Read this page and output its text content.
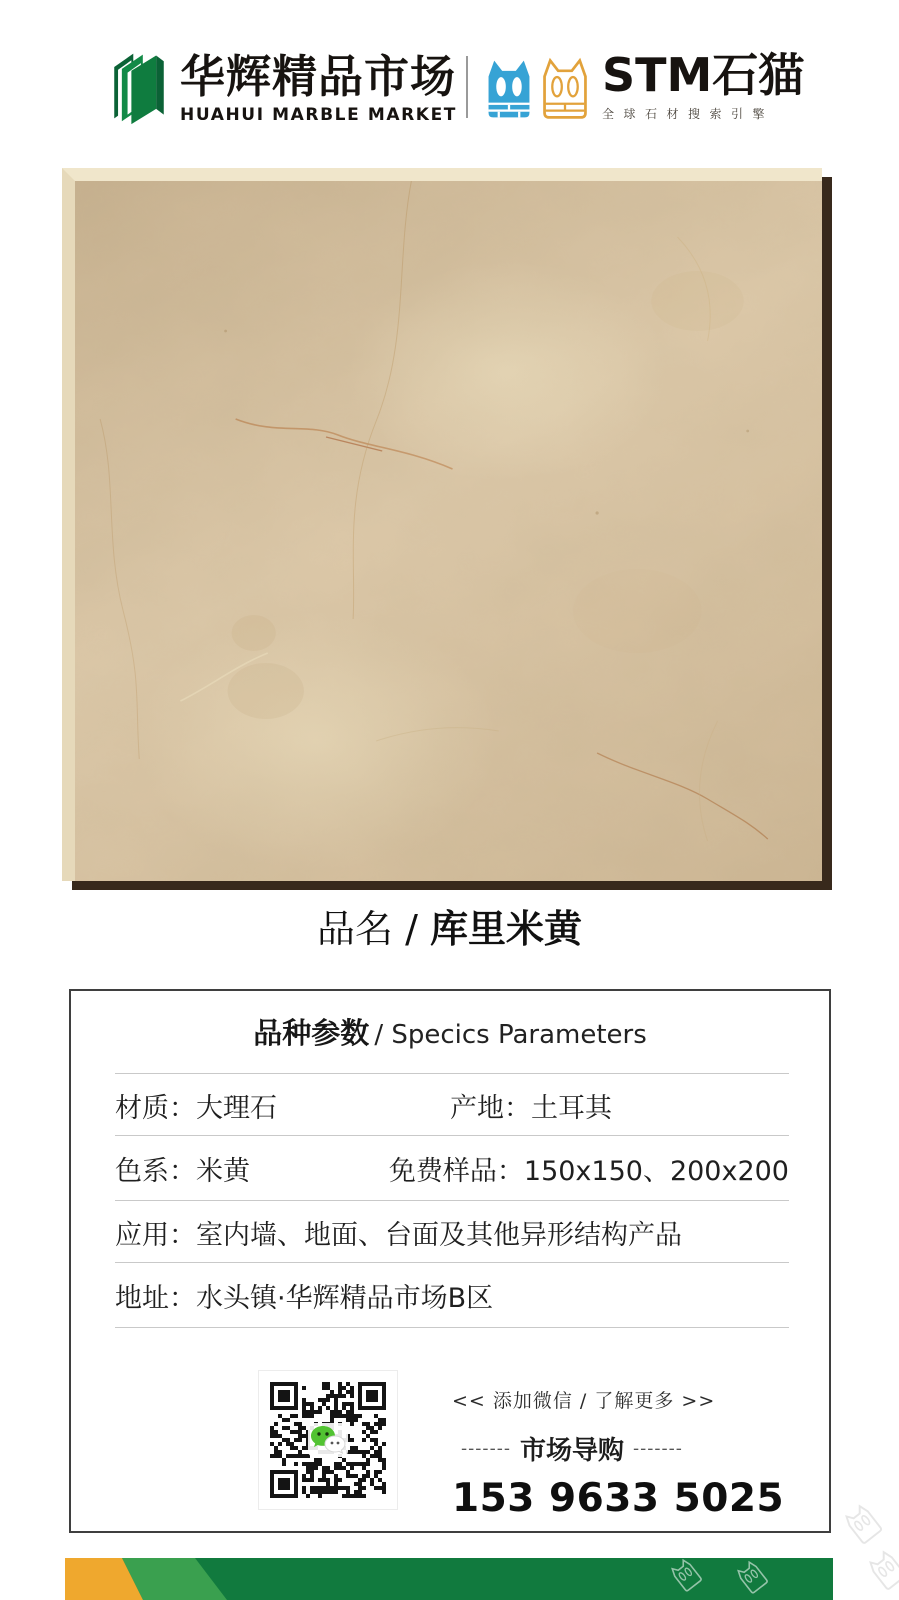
华辉精品市场
HUAHUI MARBLE MARKET
STM石猫
全球石材搜索引擎
品名 / 库里米黄
品种参数 / Specics Parameters
材质：大理石	产地：土耳其
色系：米黄	免费样品：150x150、200x200
应用：室内墙、地面、台面及其他异形结构产品
地址：水头镇·华辉精品市场B区
<< 添加微信 / 了解更多 >>
------- 市场导购 -------
153 9633 5025
